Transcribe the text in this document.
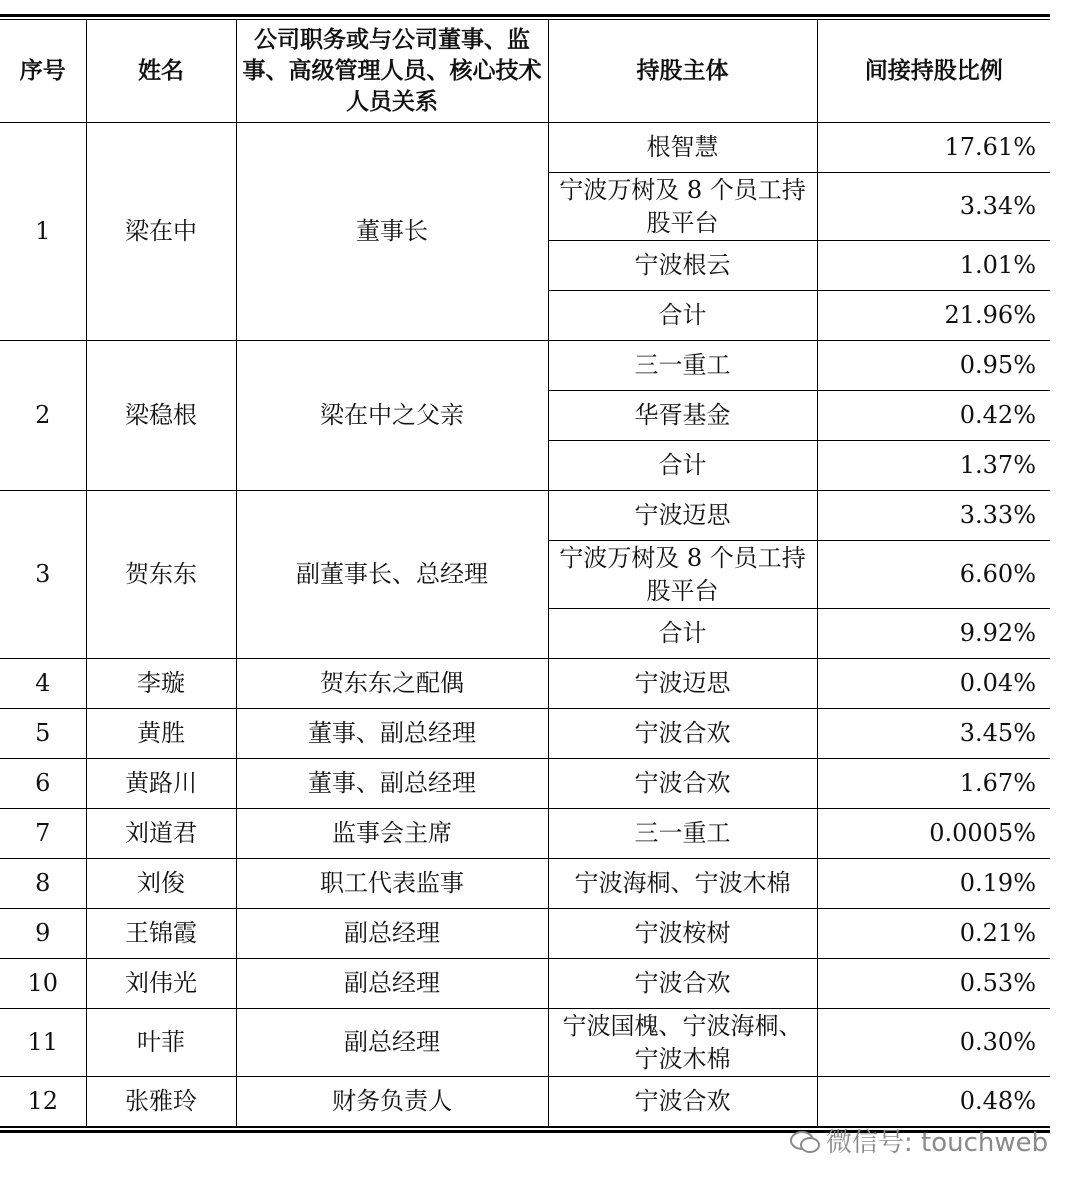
序号	姓名	公司职务或与公司董事、监事、高级管理人员、核心技术人员关系	持股主体	间接持股比例
1	梁在中	董事长	根智慧	17.61%
			宁波万树及 8 个员工持股平台	3.34%
			宁波根云	1.01%
			合计	21.96%
2	梁稳根	梁在中之父亲	三一重工	0.95%
			华胥基金	0.42%
			合计	1.37%
3	贺东东	副董事长、总经理	宁波迈思	3.33%
			宁波万树及 8 个员工持股平台	6.60%
			合计	9.92%
4	李璇	贺东东之配偶	宁波迈思	0.04%
5	黄胜	董事、副总经理	宁波合欢	3.45%
6	黄路川	董事、副总经理	宁波合欢	1.67%
7	刘道君	监事会主席	三一重工	0.0005%
8	刘俊	职工代表监事	宁波海桐、宁波木棉	0.19%
9	王锦霞	副总经理	宁波桉树	0.21%
10	刘伟光	副总经理	宁波合欢	0.53%
11	叶菲	副总经理	宁波国槐、宁波海桐、宁波木棉	0.30%
12	张雅玲	财务负责人	宁波合欢	0.48%
微信号: touchweb
